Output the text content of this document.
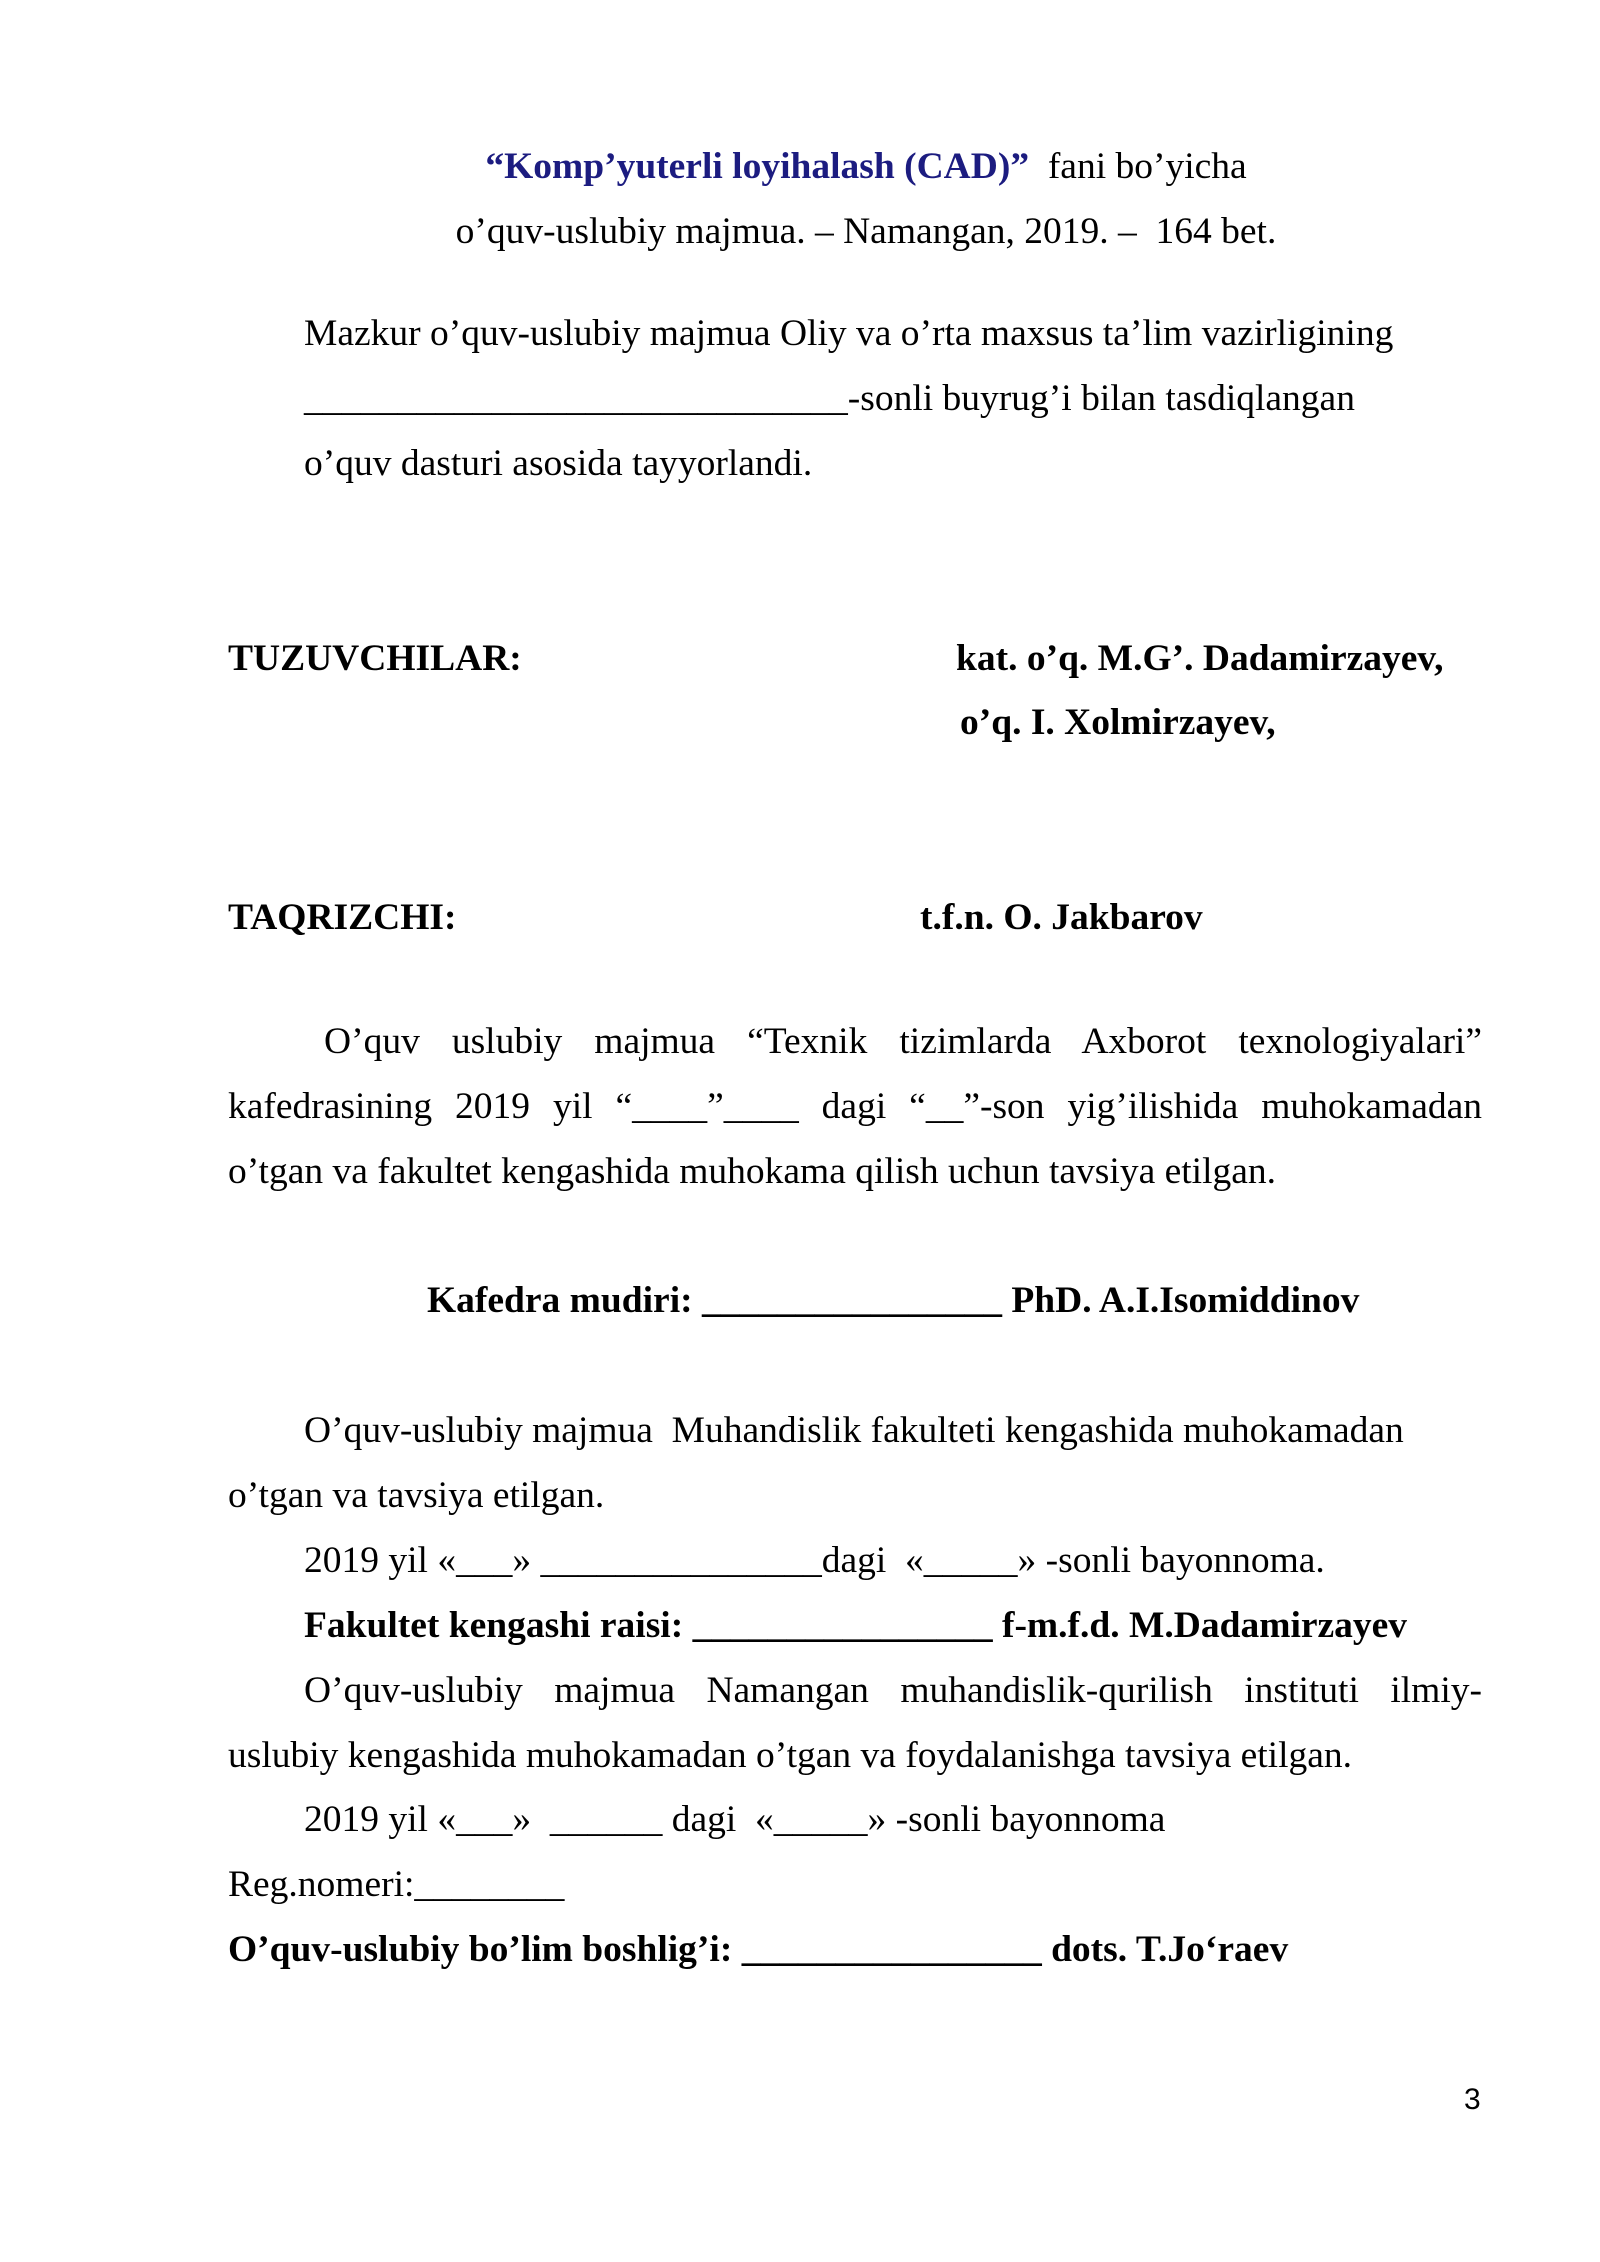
“Komp’yuterli loyihalash (CAD)” fani bo’yicha
o’quv-uslubiy majmua. – Namangan, 2019. –  164 bet.
Mazkur o’quv-uslubiy majmua Oliy va o’rta maxsus ta’lim vazirligining
_____________________________-sonli buyrug’i bilan tasdiqlangan
o’quv dasturi asosida tayyorlandi.
TUZUVCHILAR:	kat. o’q. M.G’. Dadamirzayev,
o’q. I. Xolmirzayev,
TAQRIZCHI:	t.f.n. O. Jakbarov
O’quv uslubiy majmua “Texnik tizimlarda Axborot texnologiyalari”
kafedrasining 2019 yil “____”____ dagi “__”-son yig’ilishida muhokamadan
o’tgan va fakultet kengashida muhokama qilish uchun tavsiya etilgan.
Kafedra mudiri: ________________ PhD. A.I.Isomiddinov
O’quv-uslubiy majmua  Muhandislik fakulteti kengashida muhokamadan
o’tgan va tavsiya etilgan.
2019 yil «___» _______________dagi  «_____» -sonli bayonnoma.
Fakultet kengashi raisi: ________________ f-m.f.d. M.Dadamirzayev
O’quv-uslubiy majmua Namangan muhandislik-qurilish instituti ilmiy-
uslubiy kengashida muhokamadan o’tgan va foydalanishga tavsiya etilgan.
2019 yil «___»  ______ dagi  «_____» -sonli bayonnoma
Reg.nomeri:________
O’quv-uslubiy bo’lim boshlig’i: ________________ dots. T.Jo‘raev
3
